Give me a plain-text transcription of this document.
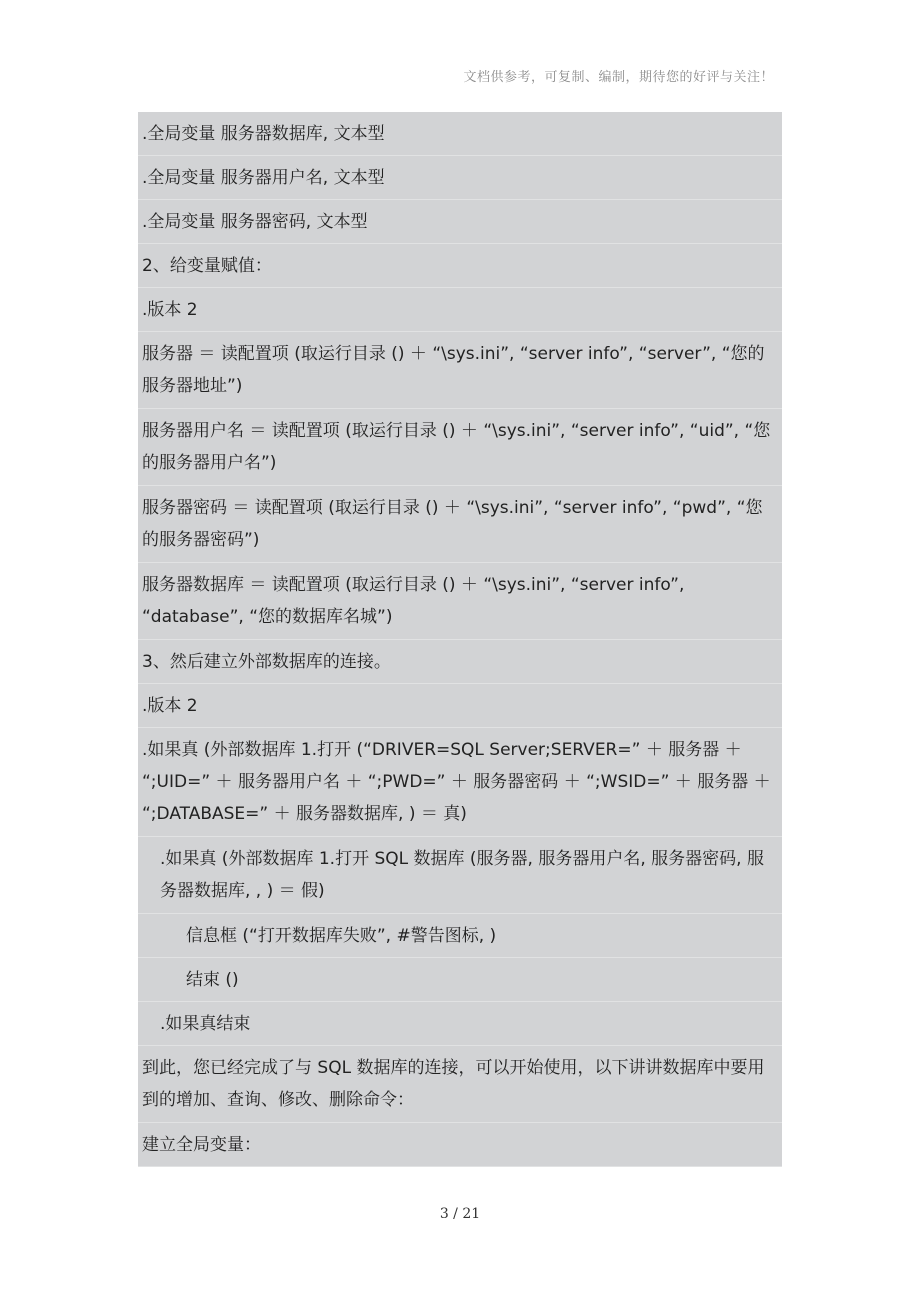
文档供参考，可复制、编制，期待您的好评与关注！
.全局变量 服务器数据库, 文本型
.全局变量 服务器用户名, 文本型
.全局变量 服务器密码, 文本型
2、给变量赋值：
.版本 2
服务器 ＝ 读配置项 (取运行目录 () ＋ “\sys.ini”, “server info”, “server”, “您的服务器地址”)
服务器用户名 ＝ 读配置项 (取运行目录 () ＋ “\sys.ini”, “server info”, “uid”, “您的服务器用户名”)
服务器密码 ＝ 读配置项 (取运行目录 () ＋ “\sys.ini”, “server info”, “pwd”, “您的服务器密码”)
服务器数据库 ＝ 读配置项 (取运行目录 () ＋ “\sys.ini”, “server info”, “database”, “您的数据库名城”)
3、然后建立外部数据库的连接。
.版本 2
.如果真 (外部数据库 1.打开 (“DRIVER=SQL Server;SERVER=” ＋ 服务器 ＋ “;UID=” ＋ 服务器用户名 ＋ “;PWD=” ＋ 服务器密码 ＋ “;WSID=” ＋ 服务器 ＋ “;DATABASE=” ＋ 服务器数据库, ) ＝ 真)
.如果真 (外部数据库 1.打开 SQL 数据库 (服务器, 服务器用户名, 服务器密码, 服务器数据库, , ) ＝ 假)
信息框 (“打开数据库失败”, #警告图标, )
结束 ()
.如果真结束
到此，您已经完成了与 SQL 数据库的连接，可以开始使用，以下讲讲数据库中要用到的增加、查询、修改、删除命令：
建立全局变量：
3 / 21
